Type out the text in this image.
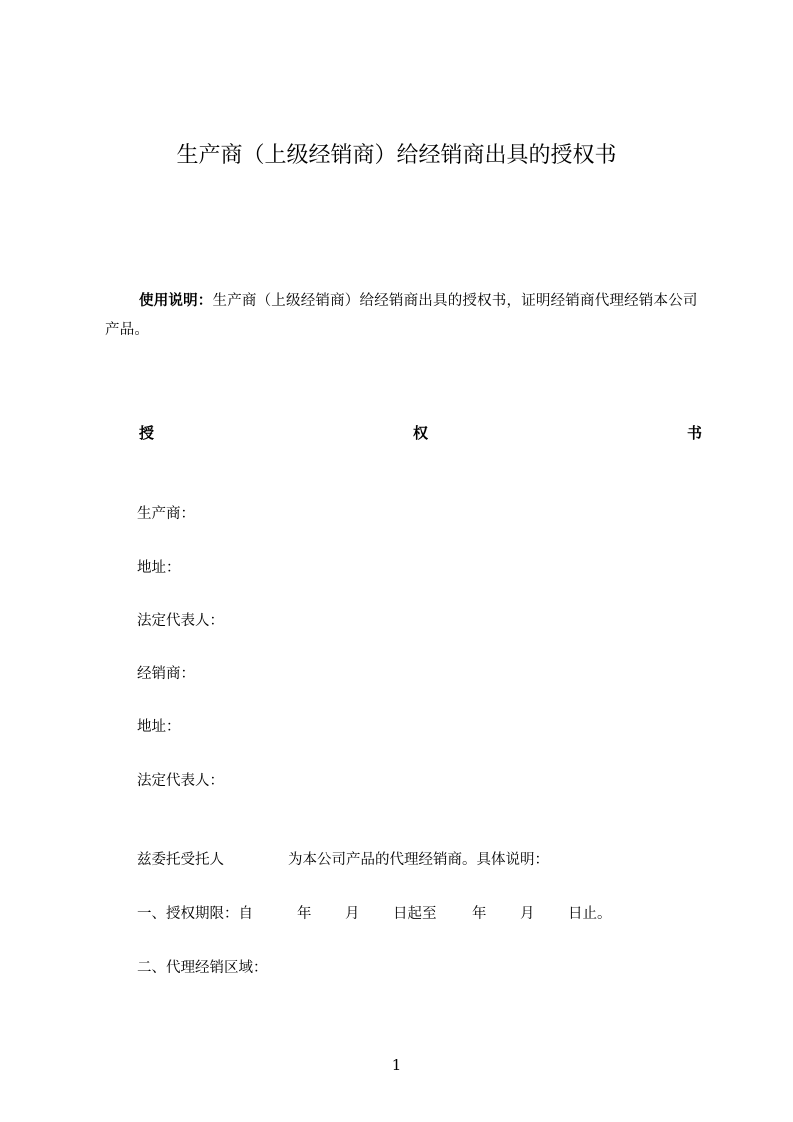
生产商（上级经销商）给经销商出具的授权书
使用说明：生产商（上级经销商）给经销商出具的授权书，证明经销商代理经销本公司产品。
授	权	书
生产商：
地址：
法定代表人：
经销商：
地址：
法定代表人：
兹委托受托人	为本公司产品的代理经销商。具体说明：
一、授权期限：自	年 月 日起至 年 月 日止。
二、代理经销区域：
1
